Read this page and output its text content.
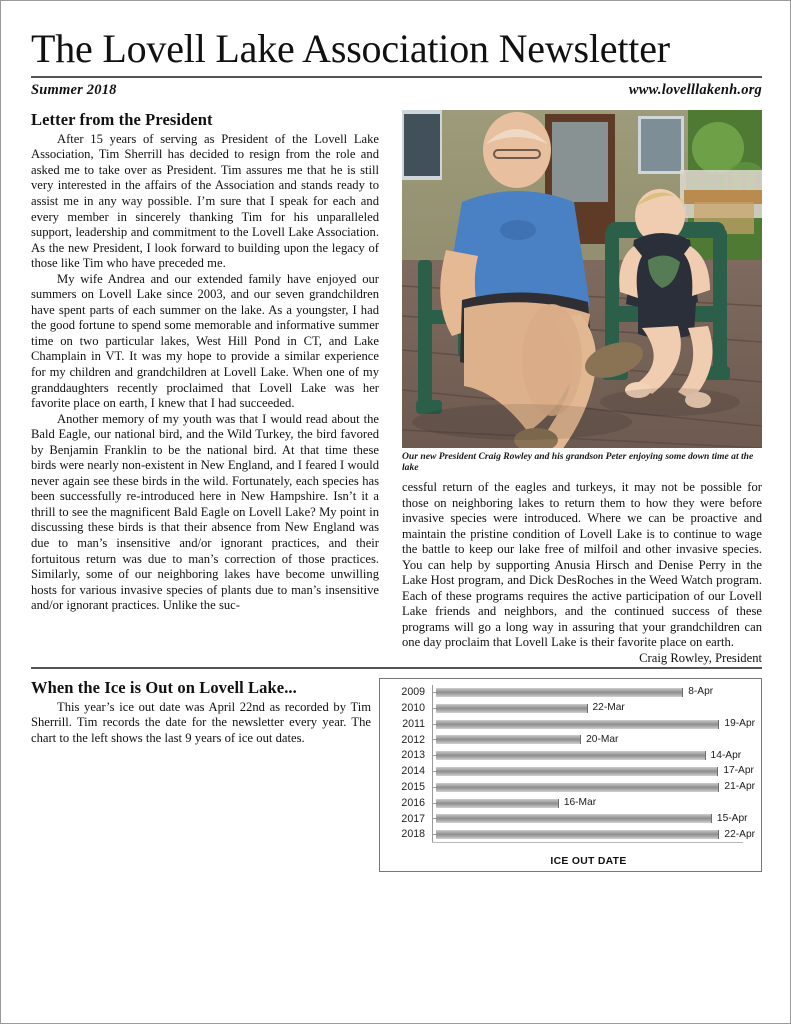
The Lovell Lake Association Newsletter
Summer 2018	www.lovelllakenh.org
Our new President Craig Rowley and his grandson Peter enjoying some down time at the lake

cessful return of the eagles and turkeys, it may not be possible for those on neighboring lakes to return them to how they were before invasive species were introduced. Where we can be proactive and maintain the pristine condition of Lovell Lake is to continue to wage the battle to keep our lake free of milfoil and other invasive species. You can help by supporting Anusia Hirsch and Denise Perry in the Lake Host program, and Dick DesRoches in the Weed Watch program. Each of these programs requires the active participation of our Lovell Lake friends and neighbors, and the continued success of these programs will go a long way in assuring that your grandchildren can one day proclaim that Lovell Lake is their favorite place on earth.

Craig Rowley, President

Letter from the President

After 15 years of serving as President of the Lovell Lake Association, Tim Sherrill has decided to resign from the role and asked me to take over as President. Tim assures me that he is still very interested in the affairs of the Association and stands ready to assist me in any way possible. I’m sure that I speak for each and every member in sincerely thanking Tim for his unparalleled support, leadership and commitment to the Lovell Lake Association. As the new President, I look forward to building upon the legacy of those like Tim who have preceded me.

My wife Andrea and our extended family have enjoyed our summers on Lovell Lake since 2003, and our seven grandchildren have spent parts of each summer on the lake. As a youngster, I had the good fortune to spend some memorable and informative summer time on two particular lakes, West Hill Pond in CT, and Lake Champlain in VT. It was my hope to provide a similar experience for my children and grandchildren at Lovell Lake. When one of my granddaughters recently proclaimed that Lovell Lake was her favorite place on earth, I knew that I had succeeded.

Another memory of my youth was that I would read about the Bald Eagle, our national bird, and the Wild Turkey, the bird favored by Benjamin Franklin to be the national bird. At that time these birds were nearly non-existent in New England, and I feared I would never again see these birds in the wild. Fortunately, each species has been successfully re-introduced here in New Hampshire. Isn’t it a thrill to see the magnificent Bald Eagle on Lovell Lake? My point in discussing these birds is that their absence from New England was due to man’s insensitive and/or ignorant practices, and their fortuitous return was due to man’s correction of those practices. Similarly, some of our neighboring lakes have become unwilling hosts for various invasive species of plants due to man’s insensitive and/or ignorant practices. Unlike the suc-

2009	8-Apr
2010	22-Mar
2011	19-Apr
2012	20-Mar
2013	14-Apr
2014	17-Apr
2015	21-Apr
2016	16-Mar
2017	15-Apr
2018	22-Apr
ICE OUT DATE
When the Ice is Out on Lovell Lake...

This year’s ice out date was April 22nd as recorded by Tim Sherrill. Tim records the date for the newsletter every year. The chart to the left shows the last 9 years of ice out dates.
